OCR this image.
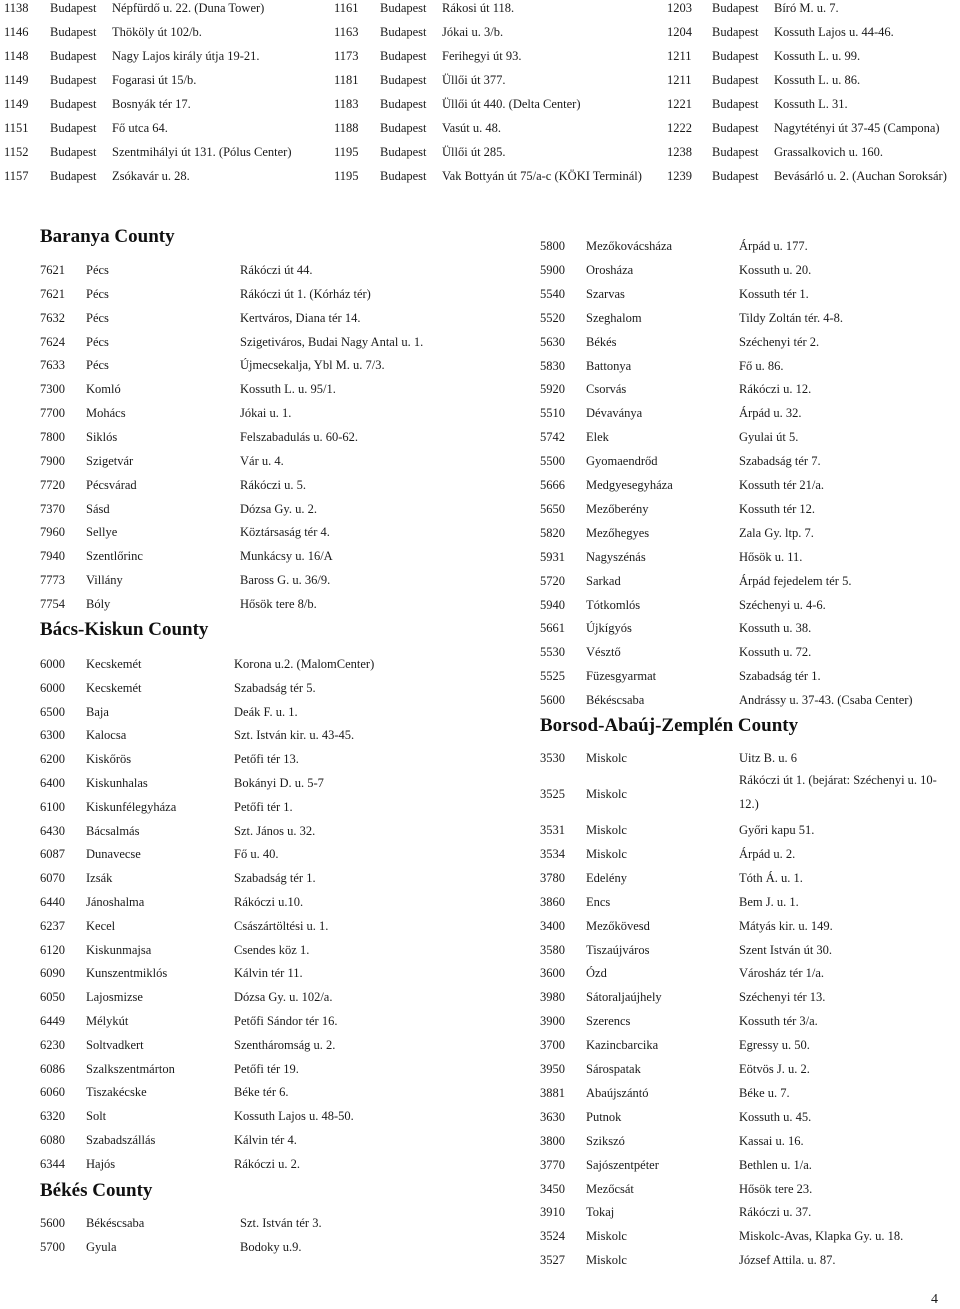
1138 Budapest Népfürdő u. 22. (Duna Tower)
1146 Budapest Thököly út 102/b.
1148 Budapest Nagy Lajos király útja 19-21.
1149 Budapest Fogarasi út 15/b.
1149 Budapest Bosnyák tér 17.
1151 Budapest Fő utca 64.
1152 Budapest Szentmihályi út 131. (Pólus Center)
1157 Budapest Zsókavár u. 28.
1161 Budapest Rákosi út 118.
1163 Budapest Jókai u. 3/b.
1173 Budapest Ferihegyi út 93.
1181 Budapest Üllői út 377.
1183 Budapest Üllői út 440. (Delta Center)
1188 Budapest Vasút u. 48.
1195 Budapest Üllői út 285.
1195 Budapest Vak Bottyán út 75/a-c (KÖKI Terminál)
1203 Budapest Bíró M. u. 7.
1204 Budapest Kossuth Lajos u. 44-46.
1211 Budapest Kossuth L. u. 99.
1211 Budapest Kossuth L. u. 86.
1221 Budapest Kossuth L. 31.
1222 Budapest Nagytétényi út 37-45 (Campona)
1238 Budapest Grassalkovich u. 160.
1239 Budapest Bevásárló u. 2. (Auchan Soroksár)
Baranya County
7621 Pécs	Rákóczi út 44.
7621 Pécs	Rákóczi út 1. (Kórház tér)
7632 Pécs	Kertváros, Diana tér 14.
7624 Pécs	Szigetiváros, Budai Nagy Antal u. 1.
7633 Pécs	Újmecsekalja, Ybl M. u. 7/3.
7300 Komló	Kossuth L. u. 95/1.
7700 Mohács	Jókai u. 1.
7800 Siklós	Felszabadulás u. 60-62.
7900 Szigetvár	Vár u. 4.
7720 Pécsvárad	Rákóczi u. 5.
7370 Sásd	Dózsa Gy. u. 2.
7960 Sellye	Köztársaság tér 4.
7940 Szentlőrinc	Munkácsy u. 16/A
7773 Villány	Baross G. u. 36/9.
7754 Bóly	Hősök tere 8/b.
Bács-Kiskun County
6000 Kecskemét	Korona u.2. (MalomCenter)
6000 Kecskemét	Szabadság tér 5.
6500 Baja	Deák F. u. 1.
6300 Kalocsa	Szt. István kir. u. 43-45.
6200 Kiskőrös	Petőfi tér 13.
6400 Kiskunhalas	Bokányi D. u. 5-7
6100 Kiskunfélegyháza	Petőfi tér 1.
6430 Bácsalmás	Szt. János u. 32.
6087 Dunavecse	Fő u. 40.
6070 Izsák	Szabadság tér 1.
6440 Jánoshalma	Rákóczi u.10.
6237 Kecel	Császártöltési u. 1.
6120 Kiskunmajsa	Csendes köz 1.
6090 Kunszentmiklós	Kálvin tér 11.
6050 Lajosmizse	Dózsa Gy. u. 102/a.
6449 Mélykút	Petőfi Sándor tér 16.
6230 Soltvadkert	Szentháromság u. 2.
6086 Szalkszentmárton	Petőfi tér 19.
6060 Tiszakécske	Béke tér 6.
6320 Solt	Kossuth Lajos u. 48-50.
6080 Szabadszállás	Kálvin tér 4.
6344 Hajós	Rákóczi u. 2.
Békés County
5600 Békéscsaba	Szt. István tér 3.
5700 Gyula	Bodoky u.9.
5800 Mezőkovácsháza	Árpád u. 177.
5900 Orosháza	Kossuth u. 20.
5540 Szarvas	Kossuth tér 1.
5520 Szeghalom	Tildy Zoltán tér. 4-8.
5630 Békés	Széchenyi tér 2.
5830 Battonya	Fő u. 86.
5920 Csorvás	Rákóczi u. 12.
5510 Dévaványa	Árpád u. 32.
5742 Elek	Gyulai út 5.
5500 Gyomaendrőd	Szabadság tér 7.
5666 Medgyesegyháza	Kossuth tér 21/a.
5650 Mezőberény	Kossuth tér 12.
5820 Mezőhegyes	Zala Gy. ltp. 7.
5931 Nagyszénás	Hősök u. 11.
5720 Sarkad	Árpád fejedelem tér 5.
5940 Tótkomlós	Széchenyi u. 4-6.
5661 Újkígyós	Kossuth u. 38.
5530 Vésztő	Kossuth u. 72.
5525 Füzesgyarmat	Szabadság tér 1.
5600 Békéscsaba	Andrássy u. 37-43. (Csaba Center)
Borsod-Abaúj-Zemplén County
3530 Miskolc	Uitz B. u. 6
3525 Miskolc
Rákóczi út 1. (bejárat: Széchenyi u. 10-12.)
3531 Miskolc	Győri kapu 51.
3534 Miskolc	Árpád u. 2.
3780 Edelény	Tóth Á. u. 1.
3860 Encs	Bem J. u. 1.
3400 Mezőkövesd	Mátyás kir. u. 149.
3580 Tiszaújváros	Szent István út 30.
3600 Ózd	Városház tér 1/a.
3980 Sátoraljaújhely	Széchenyi tér 13.
3900 Szerencs	Kossuth tér 3/a.
3700 Kazincbarcika	Egressy u. 50.
3950 Sárospatak	Eötvös J. u. 2.
3881 Abaújszántó	Béke u. 7.
3630 Putnok	Kossuth u. 45.
3800 Szikszó	Kassai u. 16.
3770 Sajószentpéter	Bethlen u. 1/a.
3450 Mezőcsát	Hősök tere 23.
3910 Tokaj	Rákóczi u. 37.
3524 Miskolc	Miskolc-Avas, Klapka Gy. u. 18.
3527 Miskolc	József Attila. u. 87.
4
